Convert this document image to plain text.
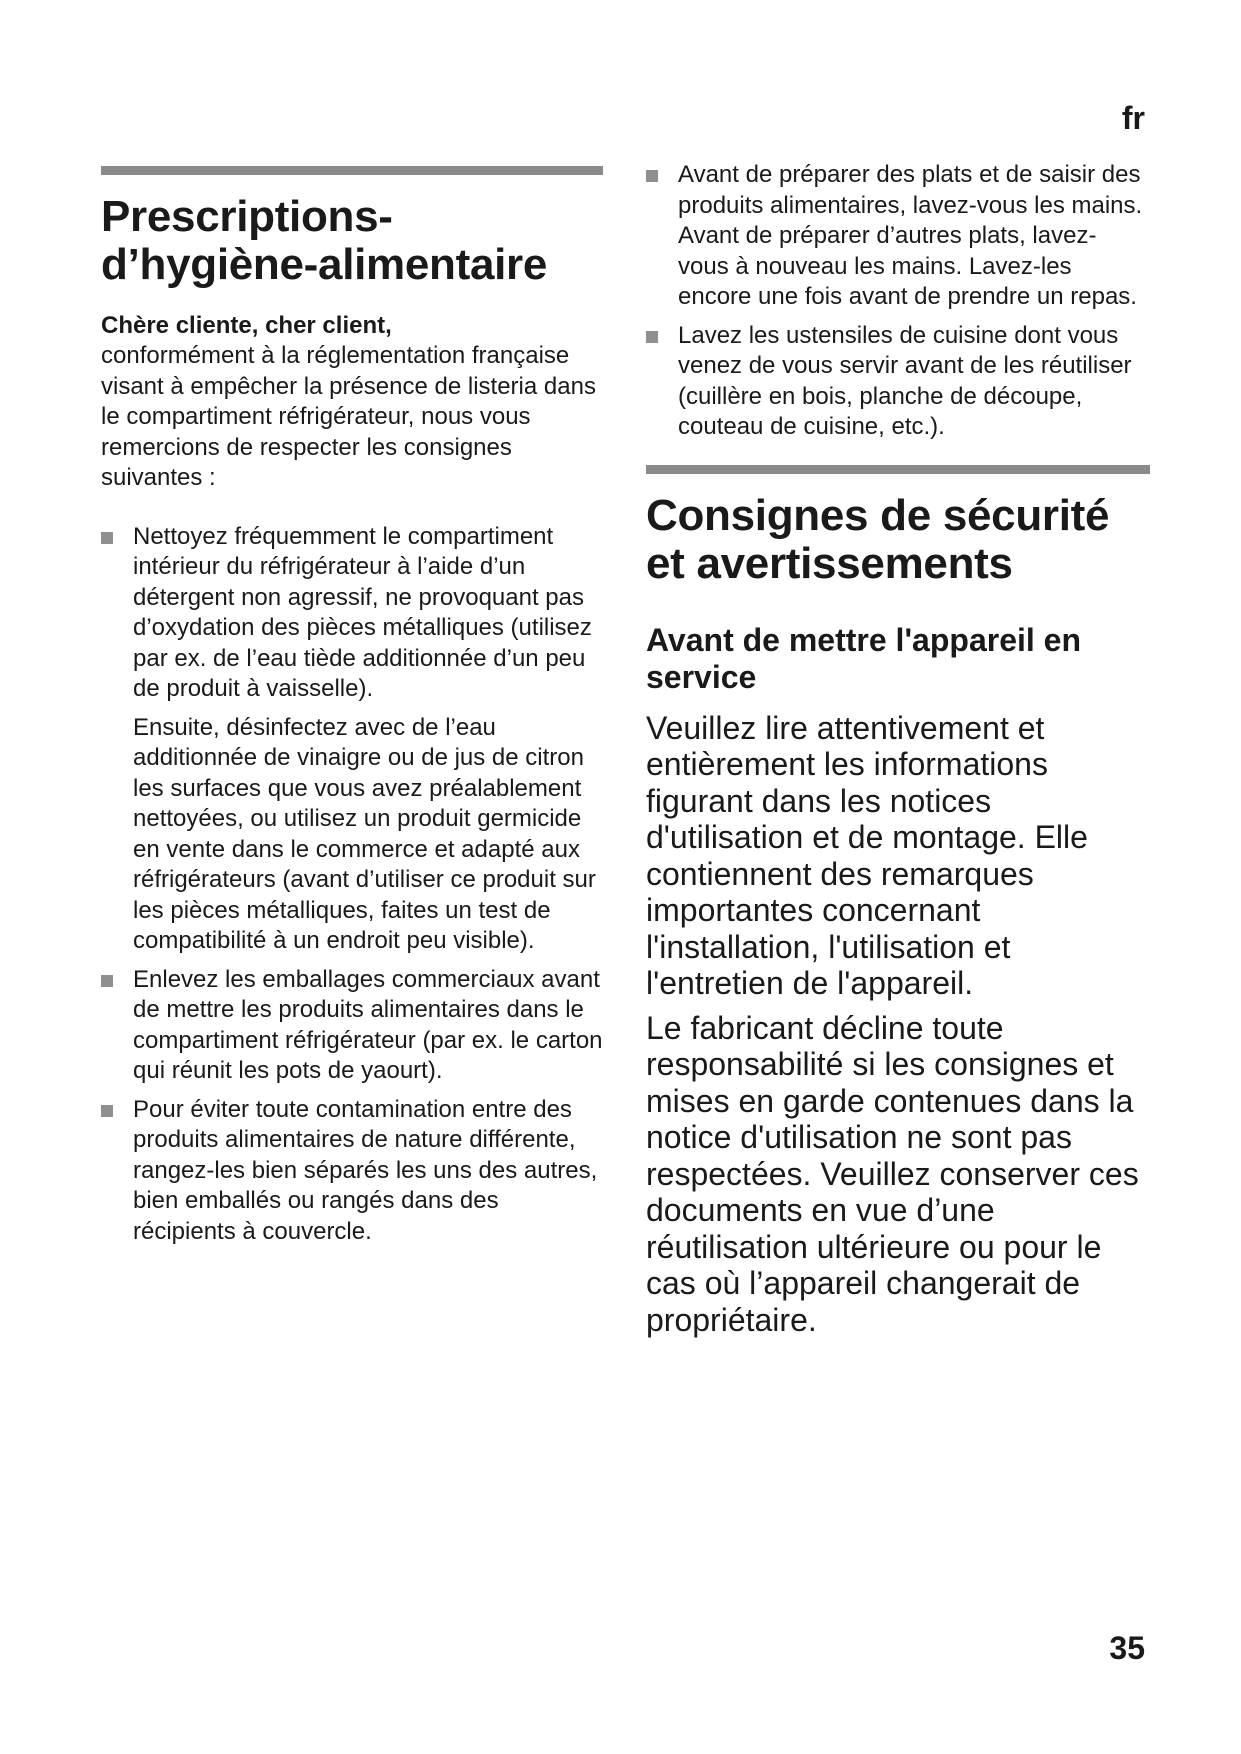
fr
Prescriptions-d’hygiène-alimentaire
Chère cliente, cher client,

conformément à la réglementation française visant à empêcher la présence de listeria dans le compartiment réfrigérateur, nous vous remercions de respecter les consignes suivantes :

Nettoyez fréquemment le compartiment intérieur du réfrigérateur à l’aide d’un détergent non agressif, ne provoquant pas d’oxydation des pièces métalliques (utilisez par ex. de l’eau tiède additionnée d’un peu de produit à vaisselle).
Ensuite, désinfectez avec de l’eau additionnée de vinaigre ou de jus de citron les surfaces que vous avez préalablement nettoyées, ou utilisez un produit germicide en vente dans le commerce et adapté aux réfrigérateurs (avant d’utiliser ce produit sur les pièces métalliques, faites un test de compatibilité à un endroit peu visible).
Enlevez les emballages commerciaux avant de mettre les produits alimentaires dans le compartiment réfrigérateur (par ex. le carton qui réunit les pots de yaourt).
Pour éviter toute contamination entre des produits alimentaires de nature différente, rangez-les bien séparés les uns des autres, bien emballés ou rangés dans des récipients à couvercle.
Avant de préparer des plats et de saisir des produits alimentaires, lavez-vous les mains. Avant de préparer d’autres plats, lavez-vous à nouveau les mains. Lavez-les encore une fois avant de prendre un repas.
Lavez les ustensiles de cuisine dont vous venez de vous servir avant de les réutiliser (cuillère en bois, planche de découpe, couteau de cuisine, etc.).
Consignes de sécurité et avertissements
Avant de mettre l'appareil en service

Veuillez lire attentivement et entièrement les informations figurant dans les notices d'utilisation et de montage. Elle contiennent des remarques importantes concernant l'installation, l'utilisation et l'entretien de l'appareil.

Le fabricant décline toute responsabilité si les consignes et mises en garde contenues dans la notice d'utilisation ne sont pas respectées. Veuillez conserver ces documents en vue d’une réutilisation ultérieure ou pour le cas où l’appareil changerait de propriétaire.

35
